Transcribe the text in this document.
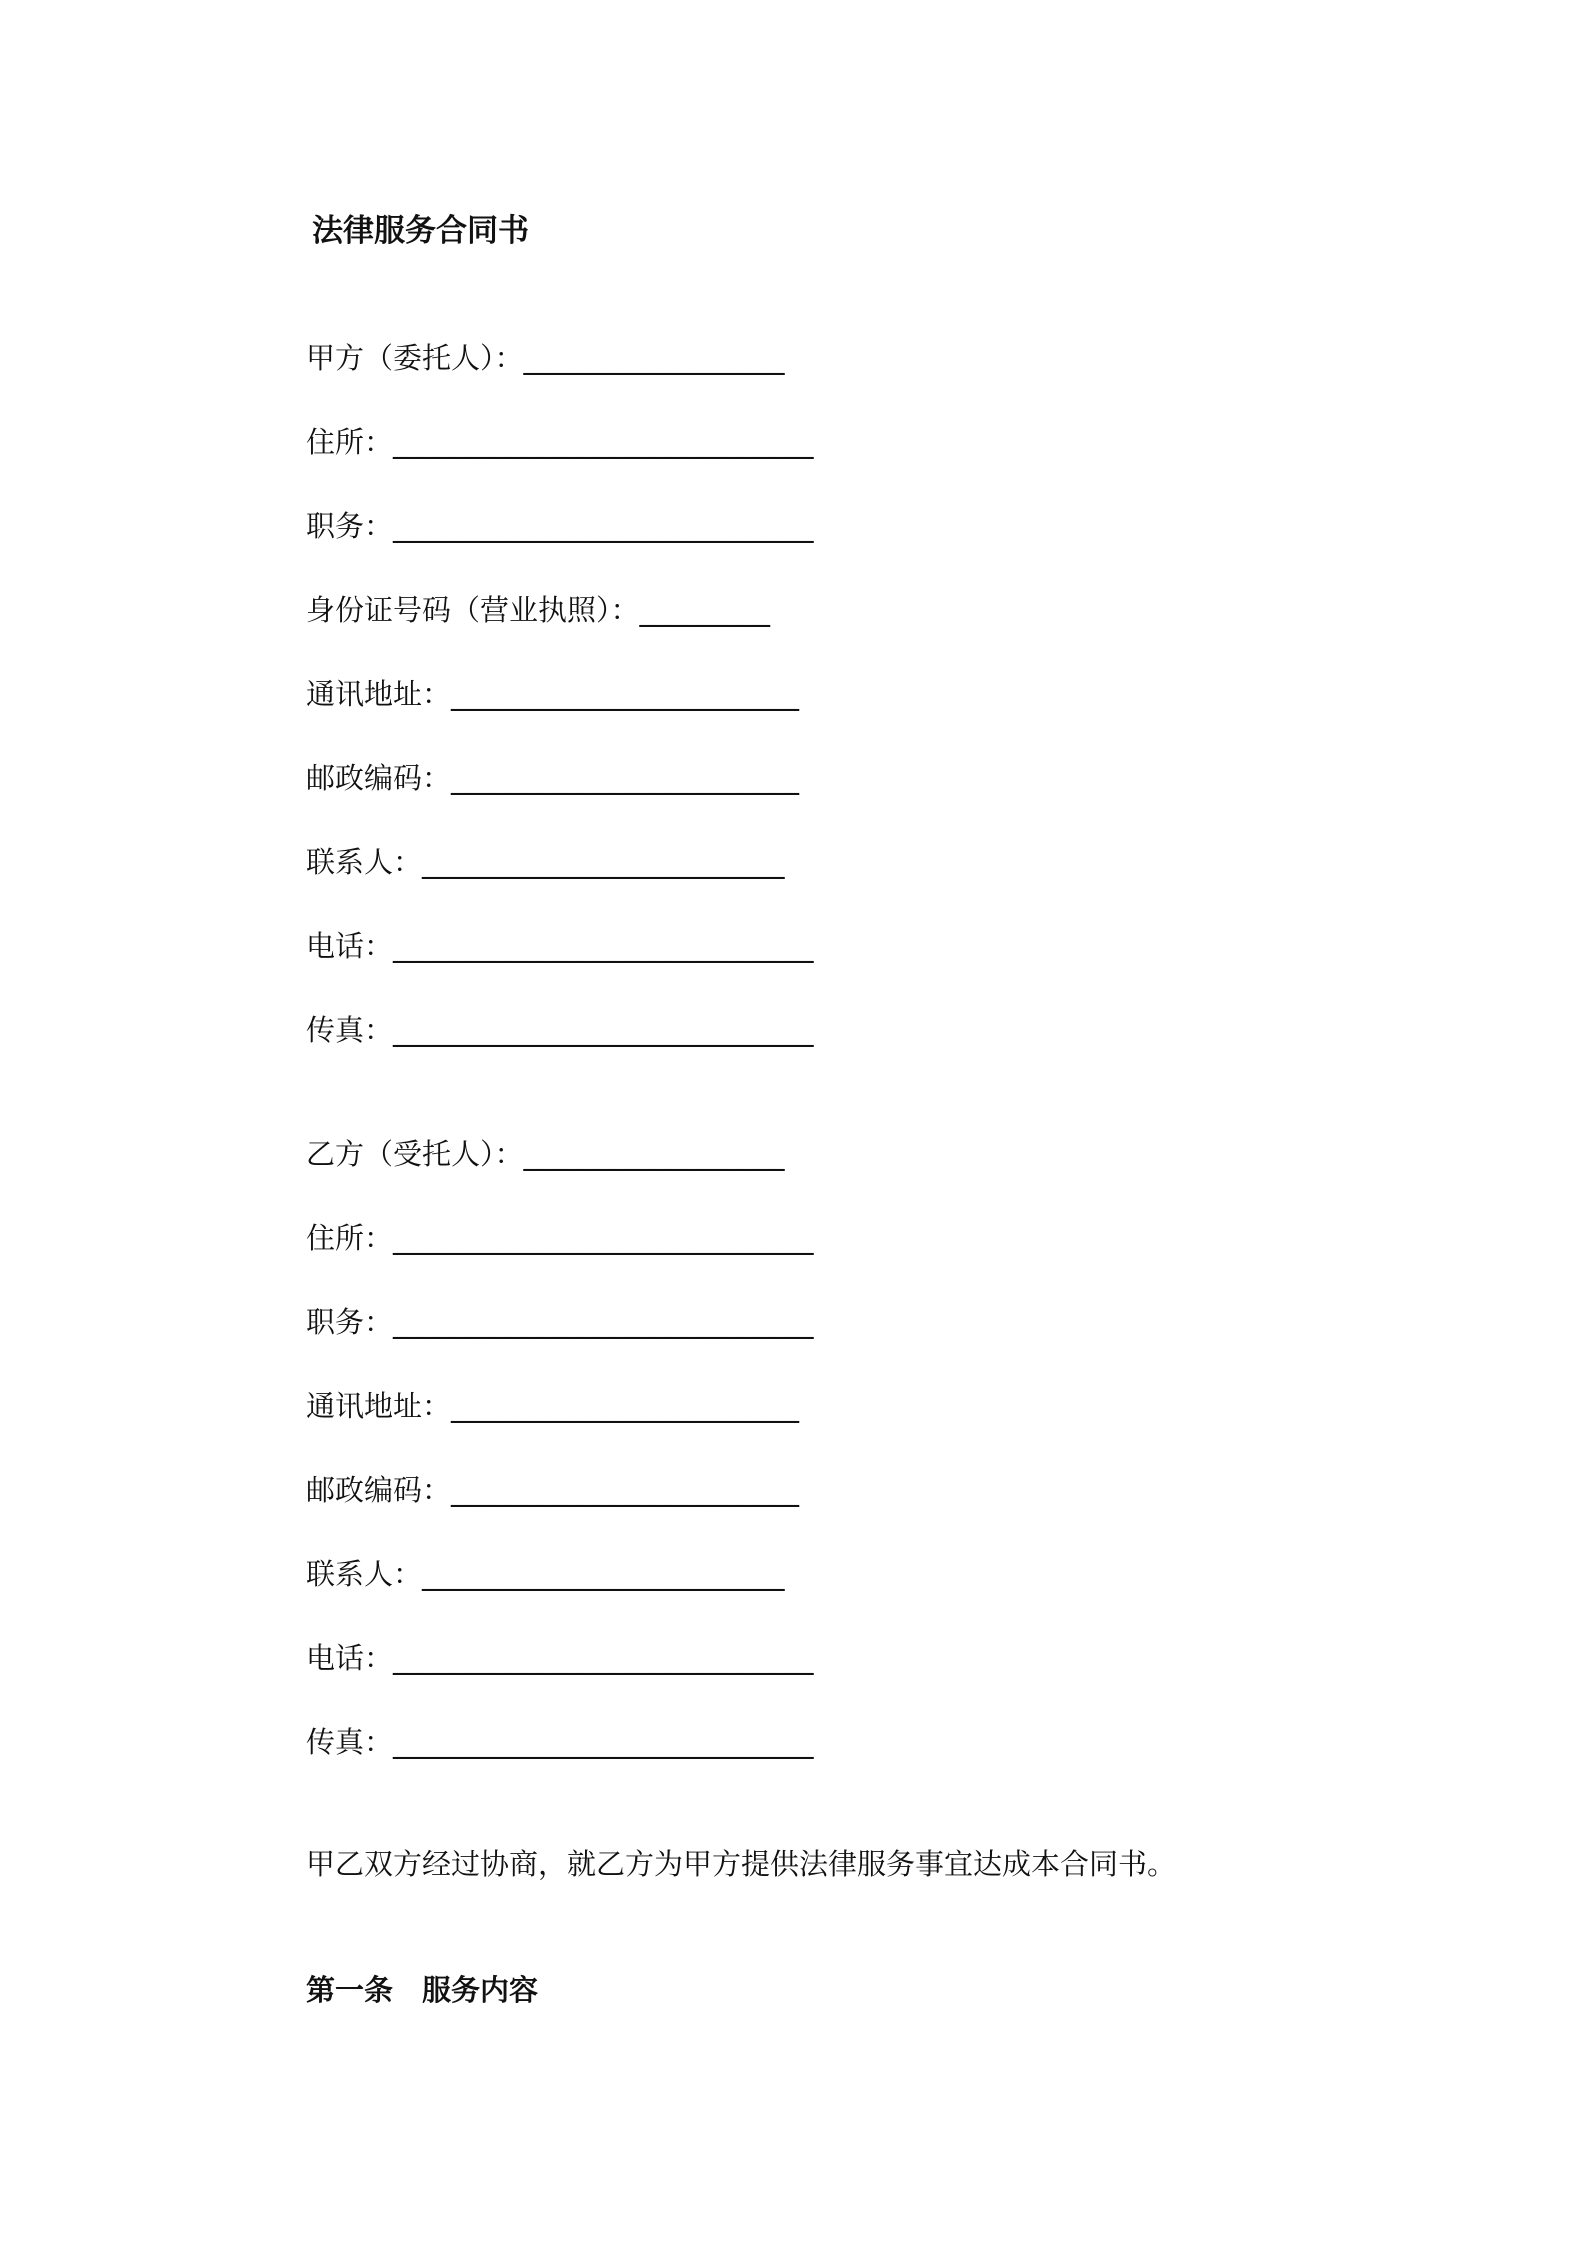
法律服务合同书
甲方（委托人）：__________________
住所：_____________________________
职务：_____________________________
身份证号码（营业执照）：_________
通讯地址：________________________
邮政编码：________________________
联系人：_________________________
电话：_____________________________
传真：_____________________________
乙方（受托人）：__________________
住所：_____________________________
职务：_____________________________
通讯地址：________________________
邮政编码：________________________
联系人：_________________________
电话：_____________________________
传真：_____________________________
甲乙双方经过协商，就乙方为甲方提供法律服务事宜达成本合同书。
第一条　服务内容
